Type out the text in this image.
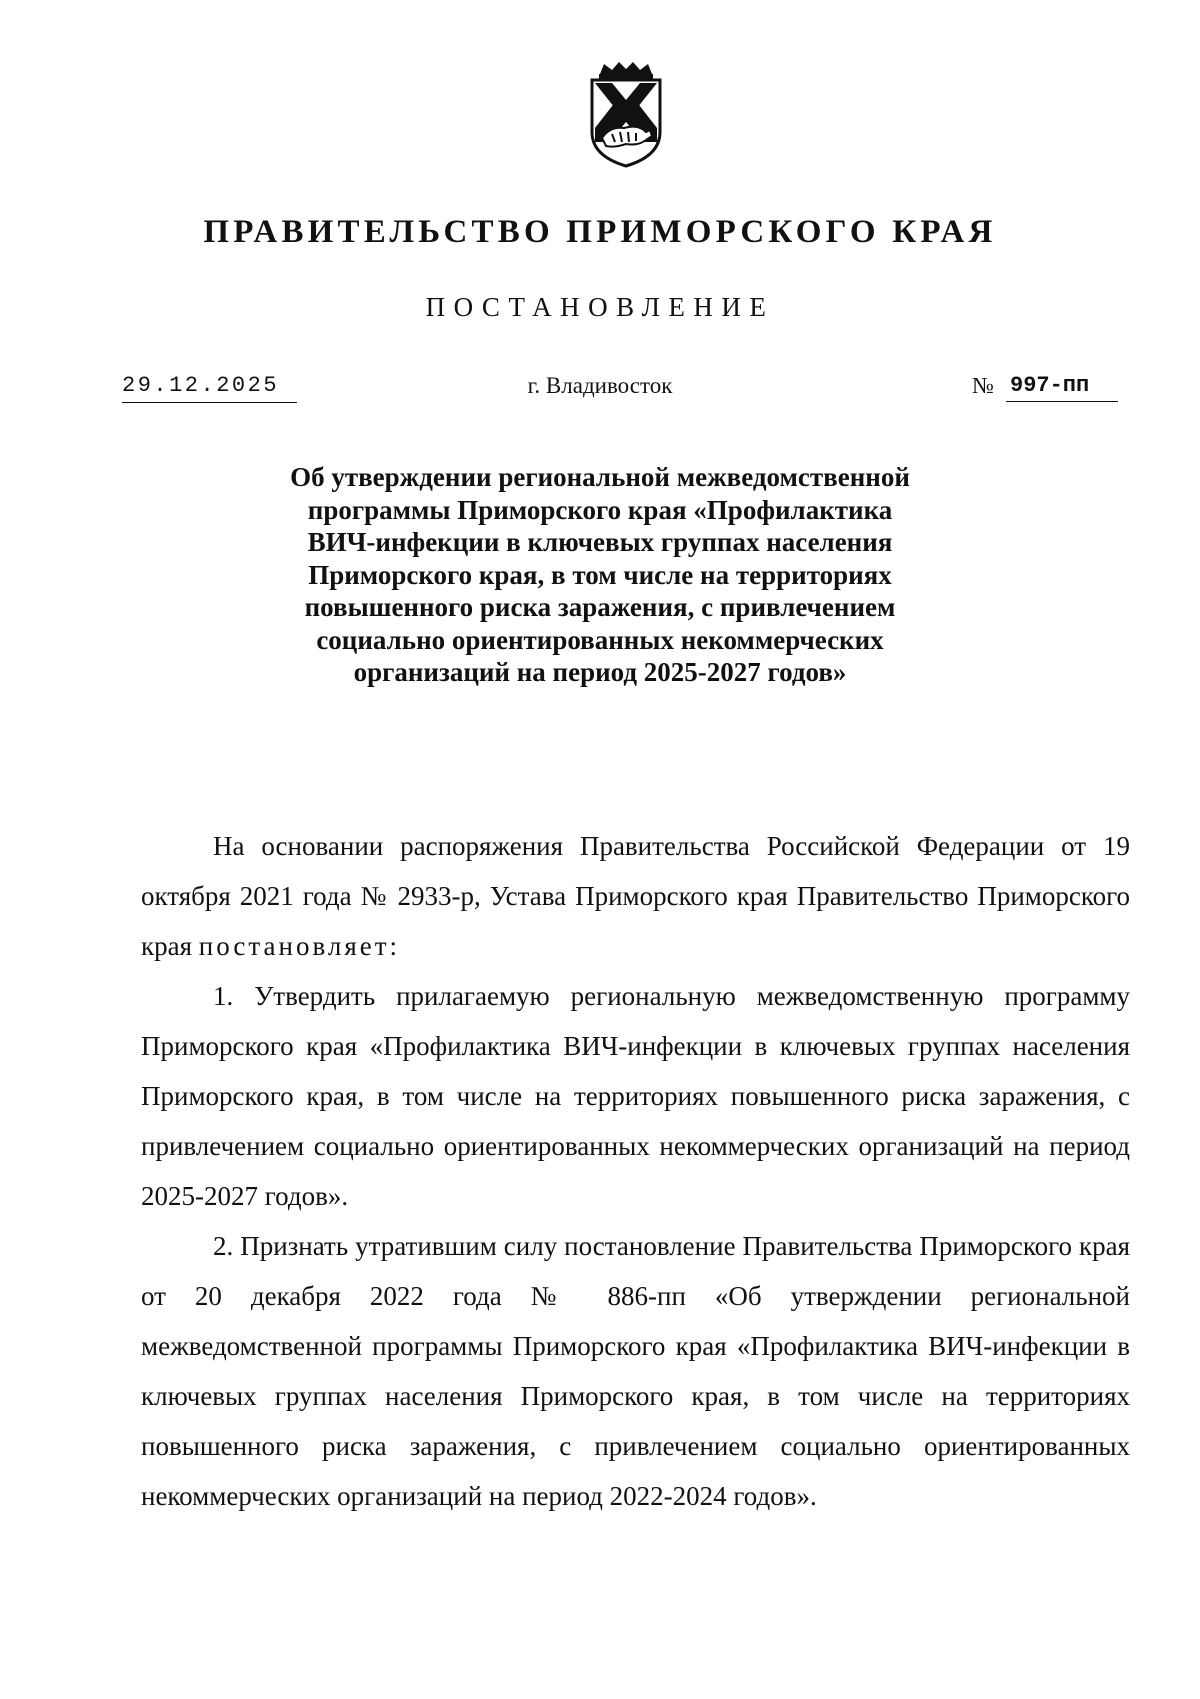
ПРАВИТЕЛЬСТВО ПРИМОРСКОГО КРАЯ
ПОСТАНОВЛЕНИЕ
29.12.2025	г. Владивосток	№ 997-пп
Об утверждении региональной межведомственной
программы Приморского края «Профилактика
ВИЧ-инфекции в ключевых группах населения
Приморского края, в том числе на территориях
повышенного риска заражения, с привлечением
социально ориентированных некоммерческих
организаций на период 2025-2027 годов»

На основании распоряжения Правительства Российской Федерации от 19 октября 2021 года № 2933-р, Устава Приморского края Правительство Приморского края постановляет:

1. Утвердить прилагаемую региональную межведомственную программу Приморского края «Профилактика ВИЧ-инфекции в ключевых группах населения Приморского края, в том числе на территориях повышенного риска заражения, с привлечением социально ориентированных некоммерческих организаций на период 2025-2027 годов».

2. Признать утратившим силу постановление Правительства Приморского края от 20 декабря 2022 года № 886-пп «Об утверждении региональной межведомственной программы Приморского края «Профилактика ВИЧ-инфекции в ключевых группах населения Приморского края, в том числе на территориях повышенного риска заражения, с привлечением социально ориентированных некоммерческих организаций на период 2022-2024 годов».
